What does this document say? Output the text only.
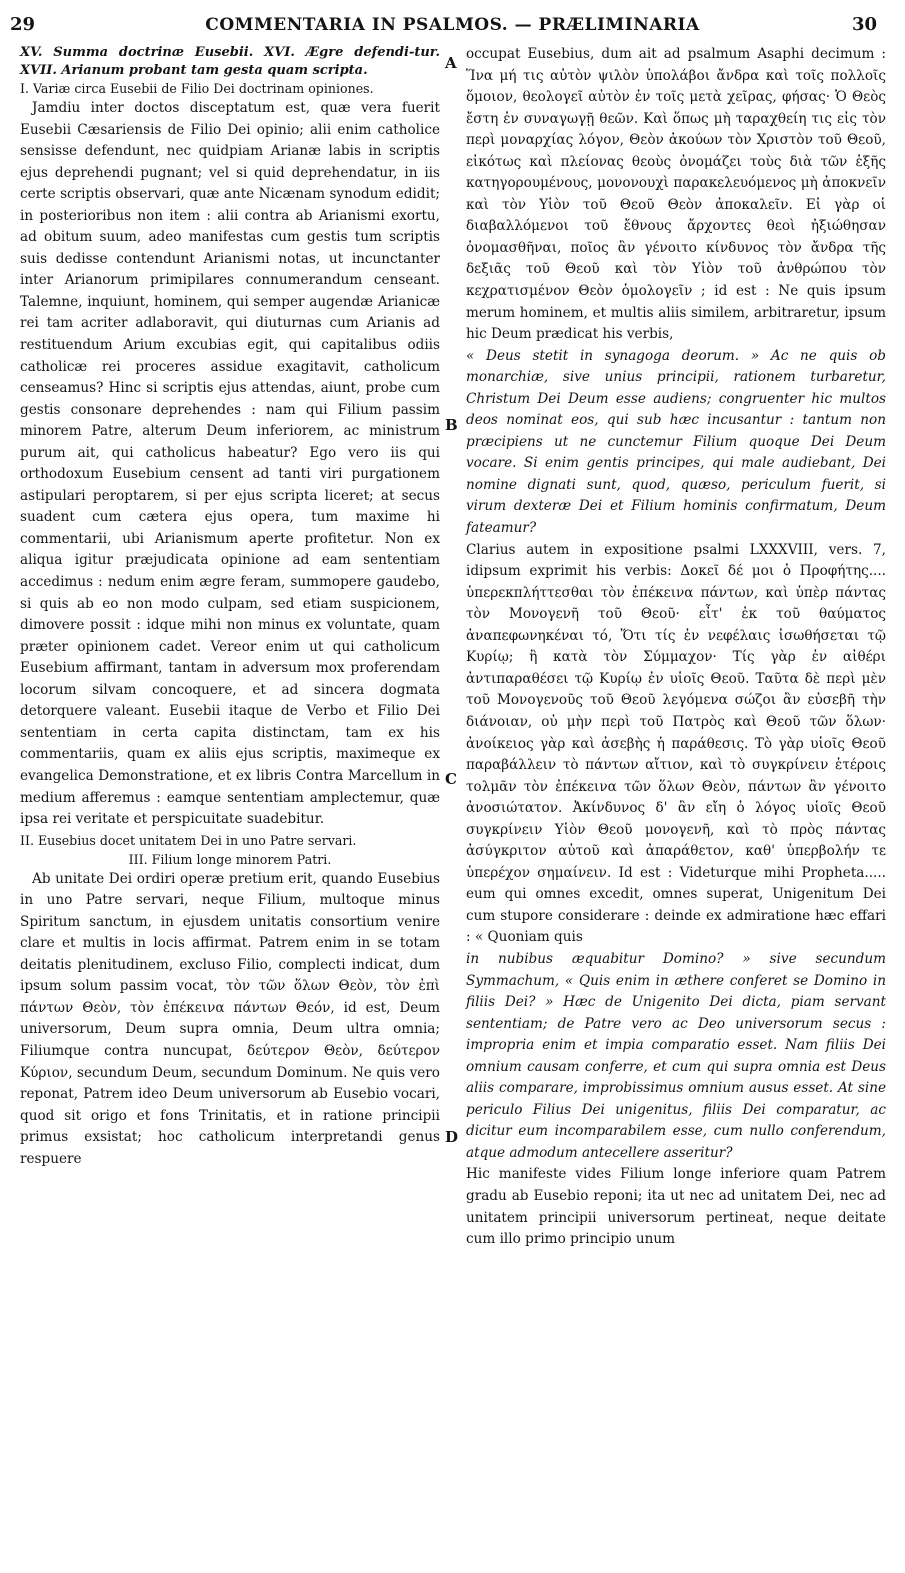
29	COMMENTARIA IN PSALMOS. — PRÆLIMINARIA	30
A
B
C
D

XV. Summa doctrinæ Eusebii. XVI. Ægre defendi-tur. XVII. Arianum probant tam gesta quam scripta.

I. Variæ circa Eusebii de Filio Dei doctrinam opiniones.

Jamdiu inter doctos disceptatum est, quæ vera fuerit Eusebii Cæsariensis de Filio Dei opinio; alii enim catholice sensisse defendunt, nec quidpiam Arianæ labis in scriptis ejus deprehendi pugnant; vel si quid deprehendatur, in iis certe scriptis observari, quæ ante Nicænam synodum edidit; in posterioribus non item : alii contra ab Arianismi exortu, ad obitum suum, adeo manifestas cum gestis tum scriptis suis dedisse contendunt Arianismi notas, ut incunctanter inter Arianorum primipilares connumerandum censeant. Talemne, inquiunt, hominem, qui semper augendæ Arianicæ rei tam acriter adlaboravit, qui diuturnas cum Arianis ad restituendum Arium excubias egit, qui capitalibus odiis catholicæ rei proceres assidue exagitavit, catholicum censeamus? Hinc si scriptis ejus attendas, aiunt, probe cum gestis consonare deprehendes : nam qui Filium passim minorem Patre, alterum Deum inferiorem, ac ministrum purum ait, qui catholicus habeatur? Ego vero iis qui orthodoxum Eusebium censent ad tanti viri purgationem astipulari peroptarem, si per ejus scripta liceret; at secus suadent cum cætera ejus opera, tum maxime hi commentarii, ubi Arianismum aperte profitetur. Non ex aliqua igitur præjudicata opinione ad eam sententiam accedimus : nedum enim ægre feram, summopere gaudebo, si quis ab eo non modo culpam, sed etiam suspicionem, dimovere possit : idque mihi non minus ex voluntate, quam præter opinionem cadet. Vereor enim ut qui catholicum Eusebium affirmant, tantam in adversum mox proferendam locorum silvam concoquere, et ad sincera dogmata detorquere valeant. Eusebii itaque de Verbo et Filio Dei sententiam in certa capita distinctam, tam ex his commentariis, quam ex aliis ejus scriptis, maximeque ex evangelica Demonstratione, et ex libris Contra Marcellum in medium afferemus : eamque sententiam amplectemur, quæ ipsa rei veritate et perspicuitate suadebitur.

II. Eusebius docet unitatem Dei in uno Patre servari.

III. Filium longe minorem Patri.

Ab unitate Dei ordiri operæ pretium erit, quando Eusebius in uno Patre servari, neque Filium, multoque minus Spiritum sanctum, in ejusdem unitatis consortium venire clare et multis in locis affirmat. Patrem enim in se totam deitatis plenitudinem, excluso Filio, complecti indicat, dum ipsum solum passim vocat, τὸν τῶν ὅλων Θεὸν, τὸν ἐπὶ πάντων Θεὸν, τὸν ἐπέκεινα πάντων Θεόν, id est, Deum universorum, Deum supra omnia, Deum ultra omnia; Filiumque contra nuncupat, δεύτερον Θεὸν, δεύτερον Κύριον, secundum Deum, secundum Dominum. Ne quis vero reponat, Patrem ideo Deum universorum ab Eusebio vocari, quod sit origo et fons Trinitatis, et in ratione principii primus exsistat; hoc catholicum interpretandi genus respuere

occupat Eusebius, dum ait ad psalmum Asaphi decimum : Ἵνα μή τις αὐτὸν ψιλὸν ὑπολάβοι ἄνδρα καὶ τοῖς πολλοῖς ὅμοιον, θεολογεῖ αὐτὸν ἐν τοῖς μετὰ χεῖρας, φήσας· Ὁ Θεὸς ἔστη ἐν συναγωγῇ θεῶν. Καὶ ὅπως μὴ ταραχθείη τις εἰς τὸν περὶ μοναρχίας λόγον, Θεὸν ἀκούων τὸν Χριστὸν τοῦ Θεοῦ, εἰκότως καὶ πλείονας θεοὺς ὀνομάζει τοὺς διὰ τῶν ἑξῆς κατηγορουμένους, μονονουχὶ παρακελευόμενος μὴ ἀποκνεῖν καὶ τὸν Υἱὸν τοῦ Θεοῦ Θεὸν ἀποκαλεῖν. Εἰ γὰρ οἱ διαβαλλόμενοι τοῦ ἔθνους ἄρχοντες θεοὶ ἠξιώθησαν ὀνομασθῆναι, ποῖος ἂν γένοιτο κίνδυνος τὸν ἄνδρα τῆς δεξιᾶς τοῦ Θεοῦ καὶ τὸν Υἱὸν τοῦ ἀνθρώπου τὸν κεχρατισμένον Θεὸν ὁμολογεῖν ; id est : Ne quis ipsum merum hominem, et multis aliis similem, arbitraretur, ipsum hic Deum prædicat his verbis,

« Deus stetit in synagoga deorum. » Ac ne quis ob monarchiæ, sive unius principii, rationem turbaretur, Christum Dei Deum esse audiens; congruenter hic multos deos nominat eos, qui sub hæc incusantur : tantum non præcipiens ut ne cunctemur Filium quoque Dei Deum vocare. Si enim gentis principes, qui male audiebant, Dei nomine dignati sunt, quod, quæso, periculum fuerit, si virum dexteræ Dei et Filium hominis confirmatum, Deum fateamur?

Clarius autem in expositione psalmi LXXXVIII, vers. 7, idipsum exprimit his verbis: Δοκεῖ δέ μοι ὁ Προφήτης.... ὑπερεκπλήττεσθαι τὸν ἐπέκεινα πάντων, καὶ ὑπὲρ πάντας τὸν Μονογενῆ τοῦ Θεοῦ· εἶτ' ἐκ τοῦ θαύματος ἀναπεφωνηκέναι τό, Ὅτι τίς ἐν νεφέλαις ἰσωθήσεται τῷ Κυρίῳ; ἢ κατὰ τὸν Σύμμαχον· Τίς γὰρ ἐν αἰθέρι ἀντιπαραθέσει τῷ Κυρίῳ ἐν υἱοῖς Θεοῦ. Ταῦτα δὲ περὶ μὲν τοῦ Μονογενοῦς τοῦ Θεοῦ λεγόμενα σώζοι ἂν εὐσεβῆ τὴν διάνοιαν, οὐ μὴν περὶ τοῦ Πατρὸς καὶ Θεοῦ τῶν ὅλων· ἀνοίκειος γὰρ καὶ ἀσεβὴς ἡ παράθεσις. Τὸ γὰρ υἱοῖς Θεοῦ παραβάλλειν τὸ πάντων αἴτιον, καὶ τὸ συγκρίνειν ἑτέροις τολμᾶν τὸν ἐπέκεινα τῶν ὅλων Θεὸν, πάντων ἂν γένοιτο ἀνοσιώτατον. Ἀκίνδυνος δ' ἂν εἴη ὁ λόγος υἱοῖς Θεοῦ συγκρίνειν Υἱὸν Θεοῦ μονογενῆ, καὶ τὸ πρὸς πάντας ἀσύγκριτον αὐτοῦ καὶ ἀπαράθετον, καθ' ὑπερβολήν τε ὑπερέχον σημαίνειν. Id est : Videturque mihi Propheta..... eum qui omnes excedit, omnes superat, Unigenitum Dei cum stupore considerare : deinde ex admiratione hæc effari : « Quoniam quis

in nubibus æquabitur Domino? » sive secundum Symmachum, « Quis enim in æthere conferet se Domino in filiis Dei? » Hæc de Unigenito Dei dicta, piam servant sententiam; de Patre vero ac Deo universorum secus : impropria enim et impia comparatio esset. Nam filiis Dei omnium causam conferre, et cum qui supra omnia est Deus aliis comparare, improbissimus omnium ausus esset. At sine periculo Filius Dei unigenitus, filiis Dei comparatur, ac dicitur eum incomparabilem esse, cum nullo conferendum, atque admodum antecellere asseritur?

Hic manifeste vides Filium longe inferiore quam Patrem gradu ab Eusebio reponi; ita ut nec ad unitatem Dei, nec ad unitatem principii universorum pertineat, neque deitate cum illo primo principio unum
